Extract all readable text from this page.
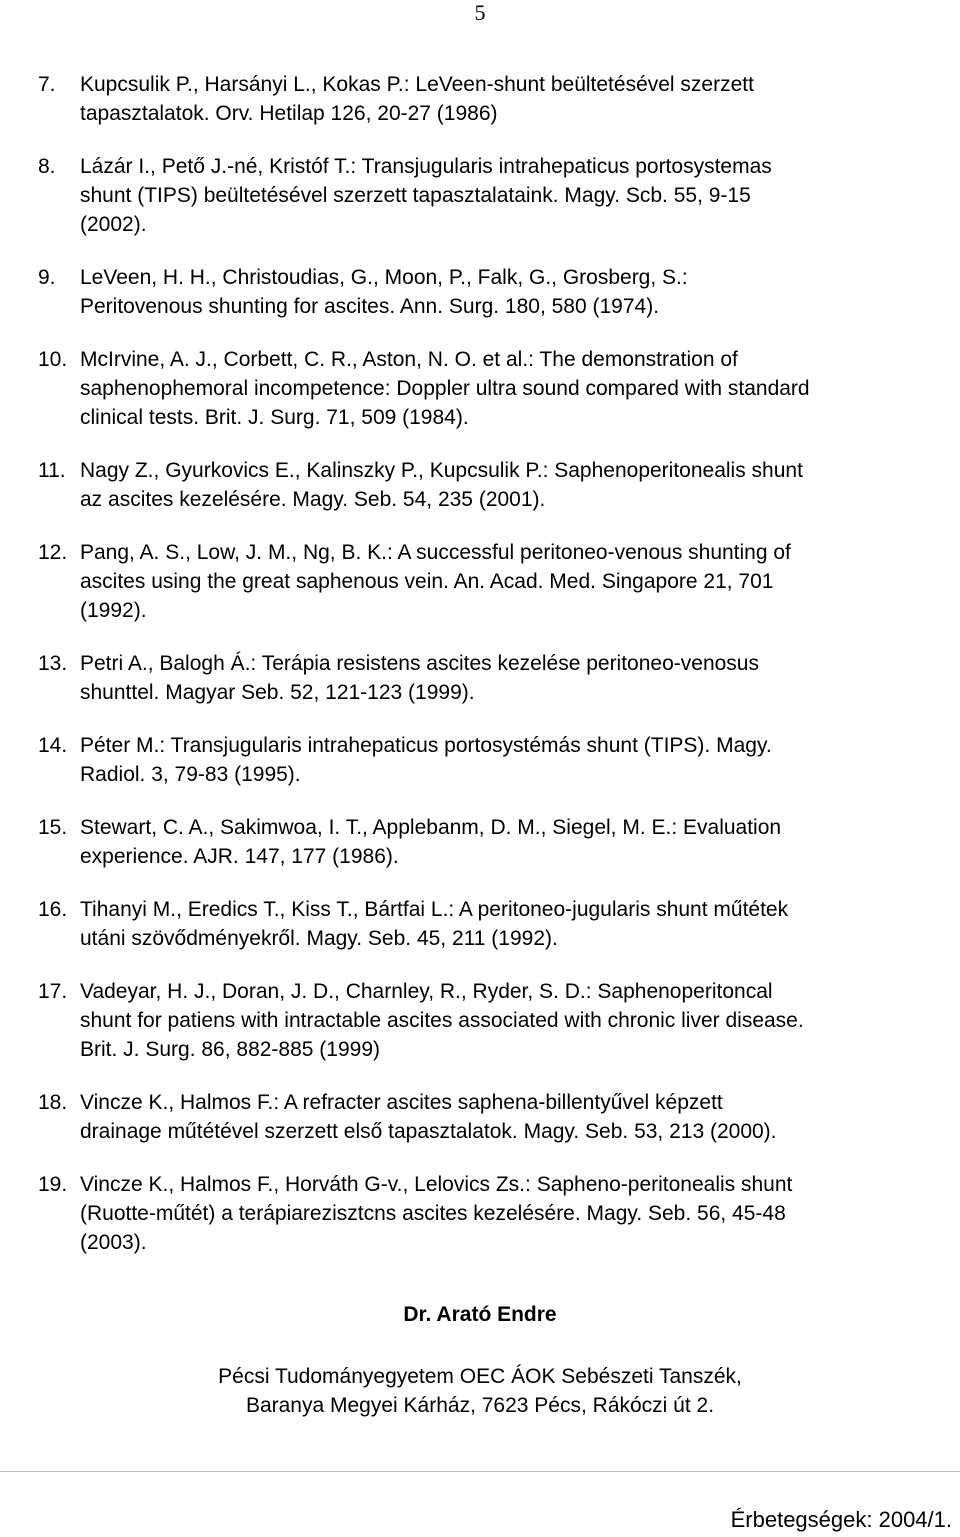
5
7.	Kupcsulik P., Harsányi L., Kokas P.: LeVeen-shunt beültetésével szerzett
tapasztalatok. Orv. Hetilap 126, 20-27 (1986)
8.	Lázár I., Pető J.-né, Kristóf T.: Transjugularis intrahepaticus portosystemas
shunt (TIPS) beültetésével szerzett tapasztalataink. Magy. Scb. 55, 9-15
(2002).
9.	LeVeen, H. H., Christoudias, G., Moon, P., Falk, G., Grosberg, S.:
Peritovenous shunting for ascites. Ann. Surg. 180, 580 (1974).
10. McIrvine, A. J., Corbett, C. R., Aston, N. O. et al.: The demonstration of
saphenophemoral incompetence: Doppler ultra sound compared with standard
clinical tests. Brit. J. Surg. 71, 509 (1984).
11. Nagy Z., Gyurkovics E., Kalinszky P., Kupcsulik P.: Saphenoperitonealis shunt
az ascites kezelésére. Magy. Seb. 54, 235 (2001).
12. Pang, A. S., Low, J. M., Ng, B. K.: A successful peritoneo-venous shunting of
ascites using the great saphenous vein. An. Acad. Med. Singapore 21, 701
(1992).
13. Petri A., Balogh Á.: Terápia resistens ascites kezelése peritoneo-venosus
shunttel. Magyar Seb. 52, 121-123 (1999).
14. Péter M.: Transjugularis intrahepaticus portosystémás shunt (TIPS). Magy.
Radiol. 3, 79-83 (1995).
15. Stewart, C. A., Sakimwoa, I. T., Applebanm, D. M., Siegel, M. E.: Evaluation
experience. AJR. 147, 177 (1986).
16. Tihanyi M., Eredics T., Kiss T., Bártfai L.: A peritoneo-jugularis shunt műtétek
utáni szövődményekről. Magy. Seb. 45, 211 (1992).
17. Vadeyar, H. J., Doran, J. D., Charnley, R., Ryder, S. D.: Saphenoperitoncal
shunt for patiens with intractable ascites associated with chronic liver disease.
Brit. J. Surg. 86, 882-885 (1999)
18. Vincze K., Halmos F.: A refracter ascites saphena-billentyűvel képzett
drainage műtétével szerzett első tapasztalatok. Magy. Seb. 53, 213 (2000).
19. Vincze K., Halmos F., Horváth G-v., Lelovics Zs.: Sapheno-peritonealis shunt
(Ruotte-műtét) a terápiarezisztcns ascites kezelésére. Magy. Seb. 56, 45-48
(2003).
Dr. Arató Endre
Pécsi Tudományegyetem OEC ÁOK Sebészeti Tanszék,
Baranya Megyei Kárház, 7623 Pécs, Rákóczi út 2.
Érbetegségek: 2004/1.
